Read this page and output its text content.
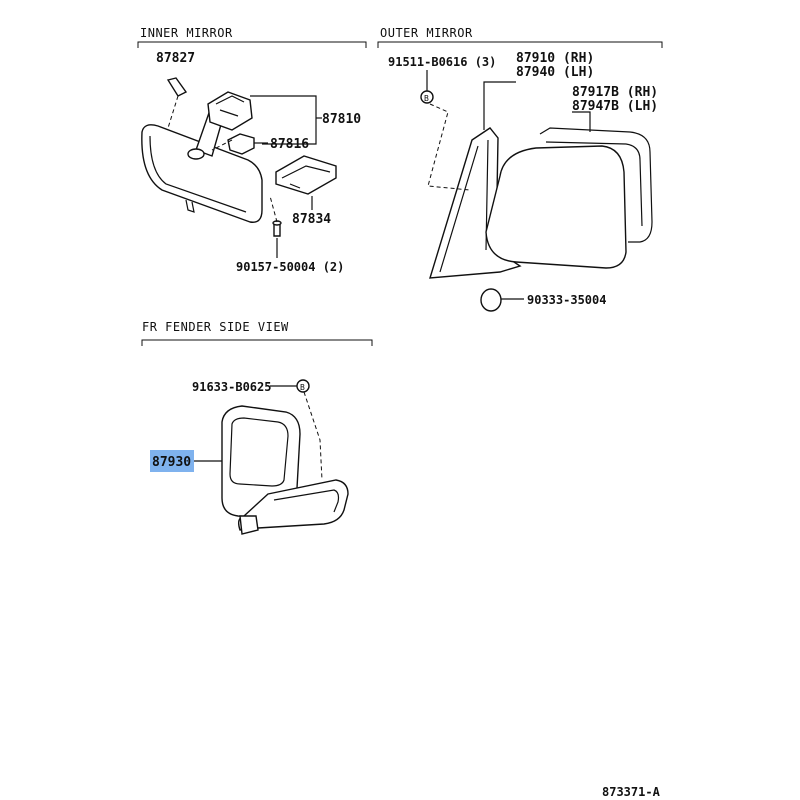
INNER MIRROR
87827
87810
87816
87834
90157-50004 (2)
OUTER MIRROR
B
91511-B0616 (3) 87910 (RH)
87940 (LH)
87917B (RH)
87947B (LH)
90333-35004
FR FENDER SIDE VIEW
B
91633-B0625
87930
873371-A
